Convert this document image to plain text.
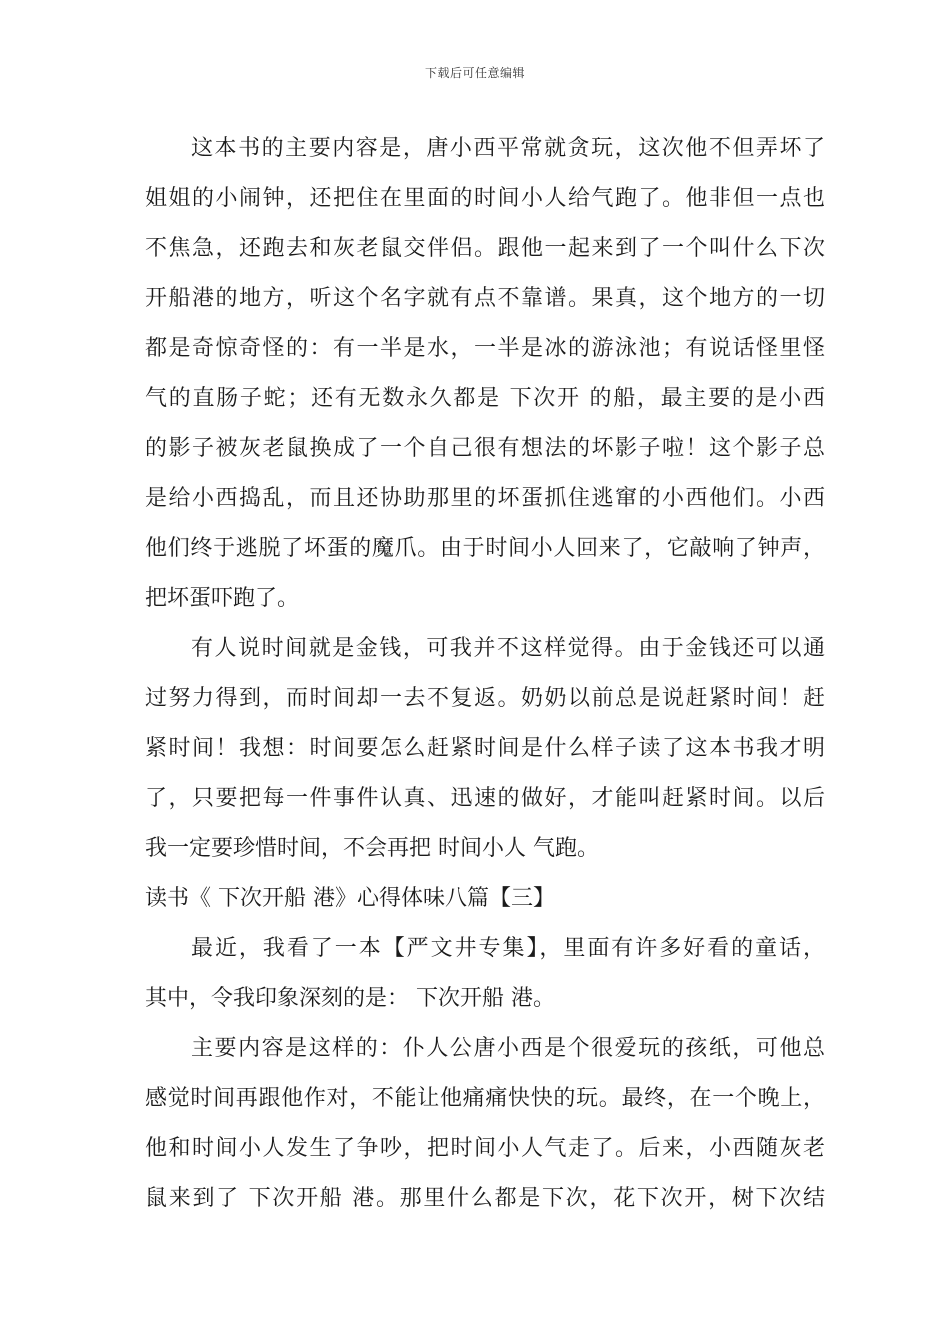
下载后可任意编辑
这本书的主要内容是，唐小西平常就贪玩，这次他不但弄坏了
姐姐的小闹钟，还把住在里面的时间小人给气跑了。他非但一点也
不焦急，还跑去和灰老鼠交伴侣。跟他一起来到了一个叫什么下次
开船港的地方，听这个名字就有点不靠谱。果真，这个地方的一切
都是奇惊奇怪的：有一半是水，一半是冰的游泳池；有说话怪里怪
气的直肠子蛇；还有无数永久都是 下次开 的船，最主要的是小西
的影子被灰老鼠换成了一个自己很有想法的坏影子啦！这个影子总
是给小西捣乱，而且还协助那里的坏蛋抓住逃窜的小西他们。小西
他们终于逃脱了坏蛋的魔爪。由于时间小人回来了，它敲响了钟声，
把坏蛋吓跑了。
有人说时间就是金钱，可我并不这样觉得。由于金钱还可以通
过努力得到，而时间却一去不复返。奶奶以前总是说赶紧时间！赶
紧时间！我想：时间要怎么赶紧时间是什么样子读了这本书我才明
了，只要把每一件事件认真、迅速的做好，才能叫赶紧时间。以后
我一定要珍惜时间，不会再把 时间小人 气跑。
读书《 下次开船 港》心得体味八篇【三】
最近，我看了一本【严文井专集】，里面有许多好看的童话，
其中，令我印象深刻的是： 下次开船 港。
主要内容是这样的：仆人公唐小西是个很爱玩的孩纸，可他总
感觉时间再跟他作对，不能让他痛痛快快的玩。最终，在一个晚上，
他和时间小人发生了争吵，把时间小人气走了。后来，小西随灰老
鼠来到了 下次开船 港。那里什么都是下次，花下次开，树下次结
